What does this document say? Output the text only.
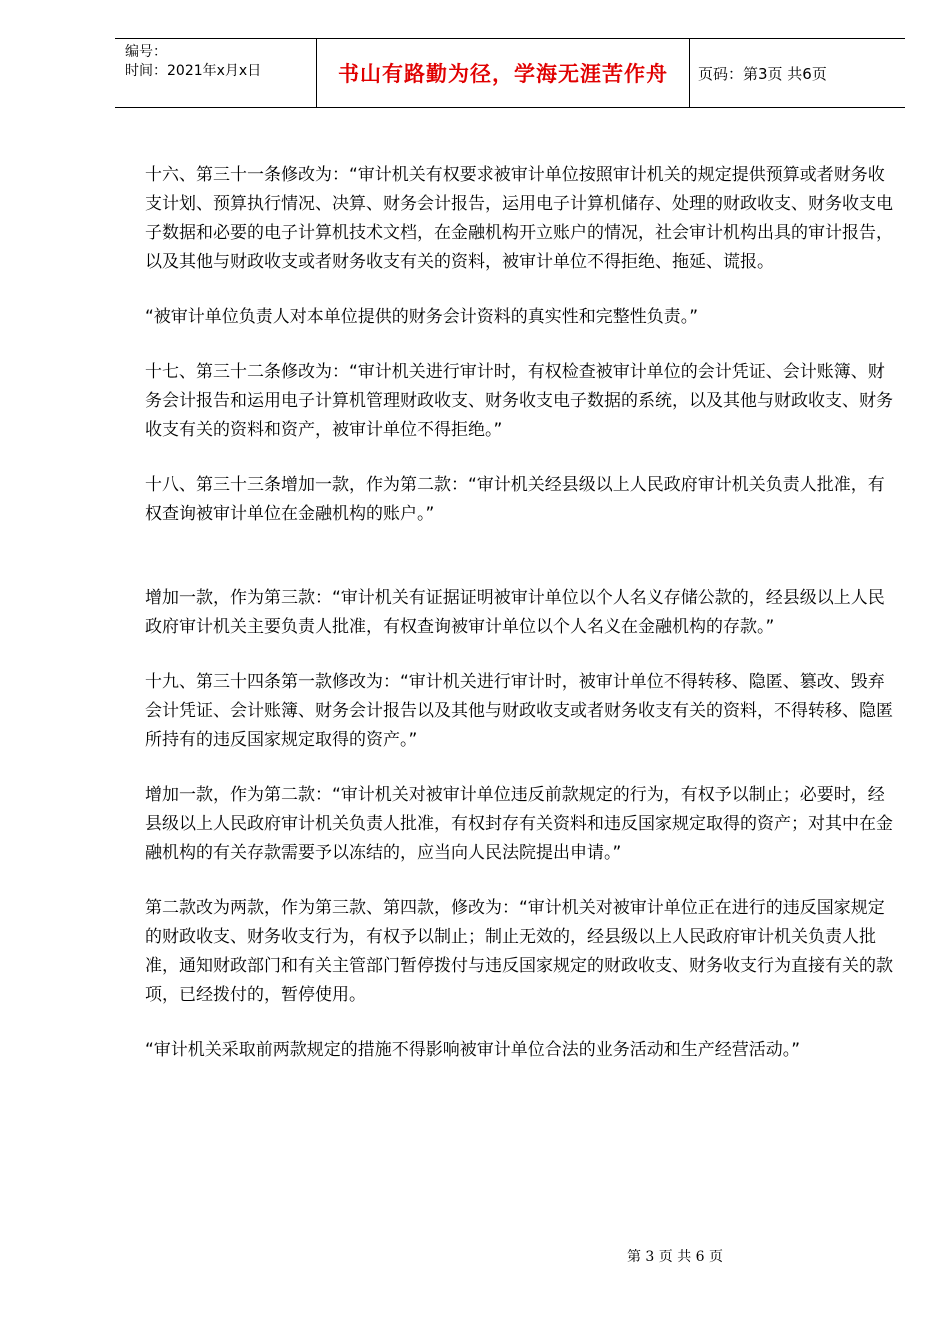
编号：
时间：2021年x月x日	书山有路勤为径，学海无涯苦作舟	页码：第3页 共6页

十六、第三十一条修改为：“审计机关有权要求被审计单位按照审计机关的规定提供预算或者财务收支计划、预算执行情况、决算、财务会计报告，运用电子计算机储存、处理的财政收支、财务收支电子数据和必要的电子计算机技术文档，在金融机构开立账户的情况，社会审计机构出具的审计报告，以及其他与财政收支或者财务收支有关的资料，被审计单位不得拒绝、拖延、谎报。

“被审计单位负责人对本单位提供的财务会计资料的真实性和完整性负责。”

十七、第三十二条修改为：“审计机关进行审计时，有权检查被审计单位的会计凭证、会计账簿、财务会计报告和运用电子计算机管理财政收支、财务收支电子数据的系统，以及其他与财政收支、财务收支有关的资料和资产，被审计单位不得拒绝。”

十八、第三十三条增加一款，作为第二款：“审计机关经县级以上人民政府审计机关负责人批准，有权查询被审计单位在金融机构的账户。”

增加一款，作为第三款：“审计机关有证据证明被审计单位以个人名义存储公款的，经县级以上人民政府审计机关主要负责人批准，有权查询被审计单位以个人名义在金融机构的存款。”

十九、第三十四条第一款修改为：“审计机关进行审计时，被审计单位不得转移、隐匿、篡改、毁弃会计凭证、会计账簿、财务会计报告以及其他与财政收支或者财务收支有关的资料，不得转移、隐匿所持有的违反国家规定取得的资产。”

增加一款，作为第二款：“审计机关对被审计单位违反前款规定的行为，有权予以制止；必要时，经县级以上人民政府审计机关负责人批准，有权封存有关资料和违反国家规定取得的资产；对其中在金融机构的有关存款需要予以冻结的，应当向人民法院提出申请。”

第二款改为两款，作为第三款、第四款，修改为：“审计机关对被审计单位正在进行的违反国家规定的财政收支、财务收支行为，有权予以制止；制止无效的，经县级以上人民政府审计机关负责人批准，通知财政部门和有关主管部门暂停拨付与违反国家规定的财政收支、财务收支行为直接有关的款项，已经拨付的，暂停使用。

“审计机关采取前两款规定的措施不得影响被审计单位合法的业务活动和生产经营活动。”

第 3 页 共 6 页
